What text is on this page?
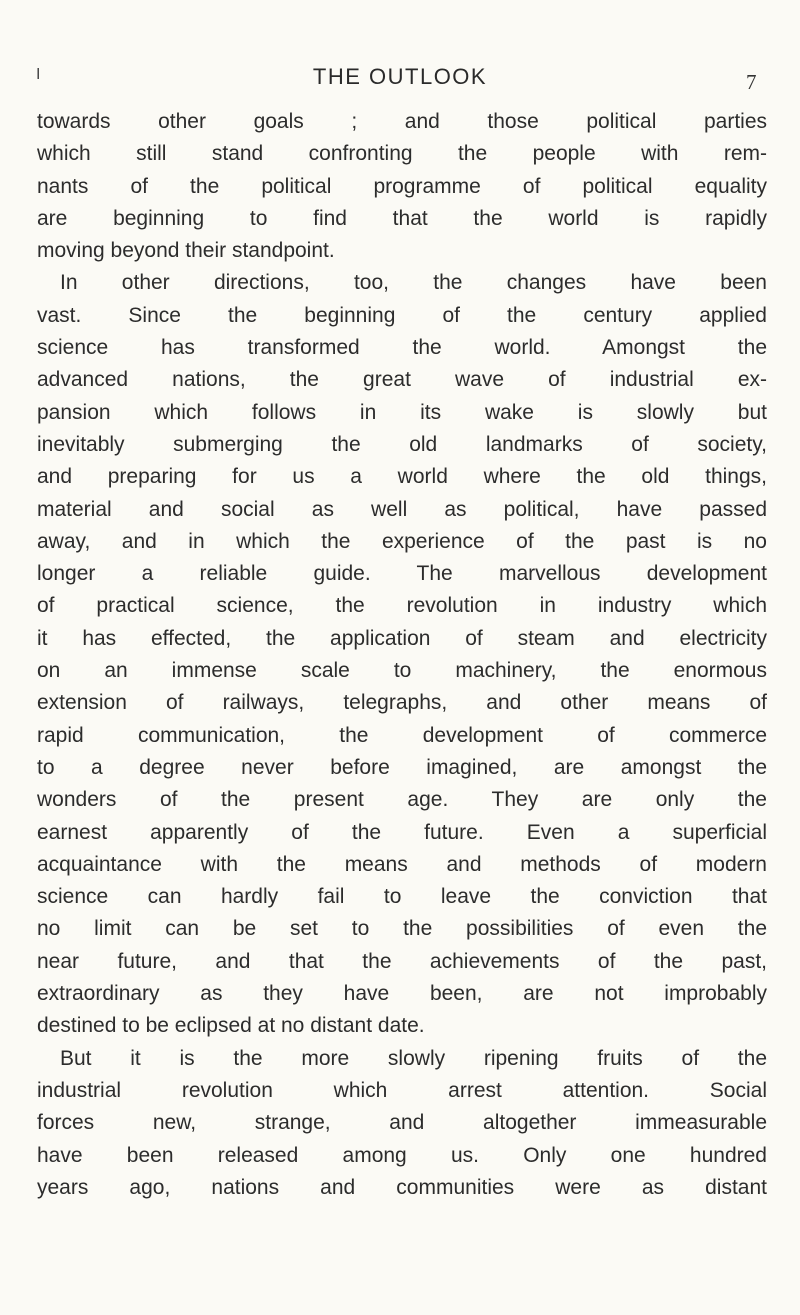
I	THE OUTLOOK	7
towards other goals ; and those political parties
which still stand confronting the people with rem-
nants of the political programme of political equality
are beginning to find that the world is rapidly
moving beyond their standpoint.
In other directions, too, the changes have been
vast. Since the beginning of the century applied
science has transformed the world. Amongst the
advanced nations, the great wave of industrial ex-
pansion which follows in its wake is slowly but
inevitably submerging the old landmarks of society,
and preparing for us a world where the old things,
material and social as well as political, have passed
away, and in which the experience of the past is no
longer a reliable guide. The marvellous development
of practical science, the revolution in industry which
it has effected, the application of steam and electricity
on an immense scale to machinery, the enormous
extension of railways, telegraphs, and other means of
rapid communication, the development of commerce
to a degree never before imagined, are amongst the
wonders of the present age. They are only the
earnest apparently of the future. Even a superficial
acquaintance with the means and methods of modern
science can hardly fail to leave the conviction that
no limit can be set to the possibilities of even the
near future, and that the achievements of the past,
extraordinary as they have been, are not improbably
destined to be eclipsed at no distant date.
But it is the more slowly ripening fruits of the
industrial revolution which arrest attention. Social
forces new, strange, and altogether immeasurable
have been released among us. Only one hundred
years ago, nations and communities were as distant
